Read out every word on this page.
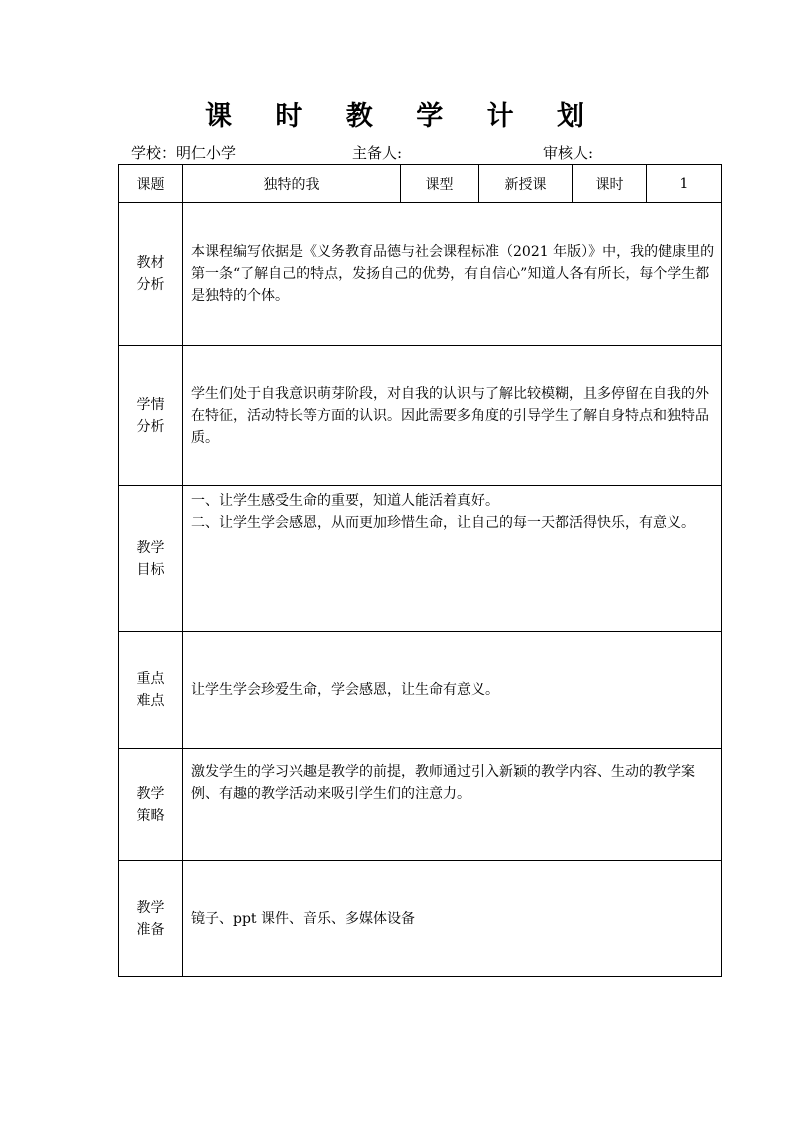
课 时 教 学 计 划
学校：明仁小学	主备人:	审核人:
课题	独特的我	课型	新授课	课时	1

教材
分析	本课程编写依据是《义务教育品德与社会课程标准（2021 年版）》中，我的健康里的第一条“了解自己的特点，发扬自己的优势，有自信心”知道人各有所长，每个学生都是独特的个体。				

学情
分析	学生们处于自我意识萌芽阶段，对自我的认识与了解比较模糊，且多停留在自我的外在特征，活动特长等方面的认识。因此需要多角度的引导学生了解自身特点和独特品质。				

教学
目标	一、让学生感受生命的重要，知道人能活着真好。
二、让学生学会感恩，从而更加珍惜生命，让自己的每一天都活得快乐，有意义。				

重点
难点	让学生学会珍爱生命，学会感恩，让生命有意义。				

教学
策略	激发学生的学习兴趣是教学的前提，教师通过引入新颖的教学内容、生动的教学案例、有趣的教学活动来吸引学生们的注意力。				

教学
准备	镜子、ppt 课件、音乐、多媒体设备				
